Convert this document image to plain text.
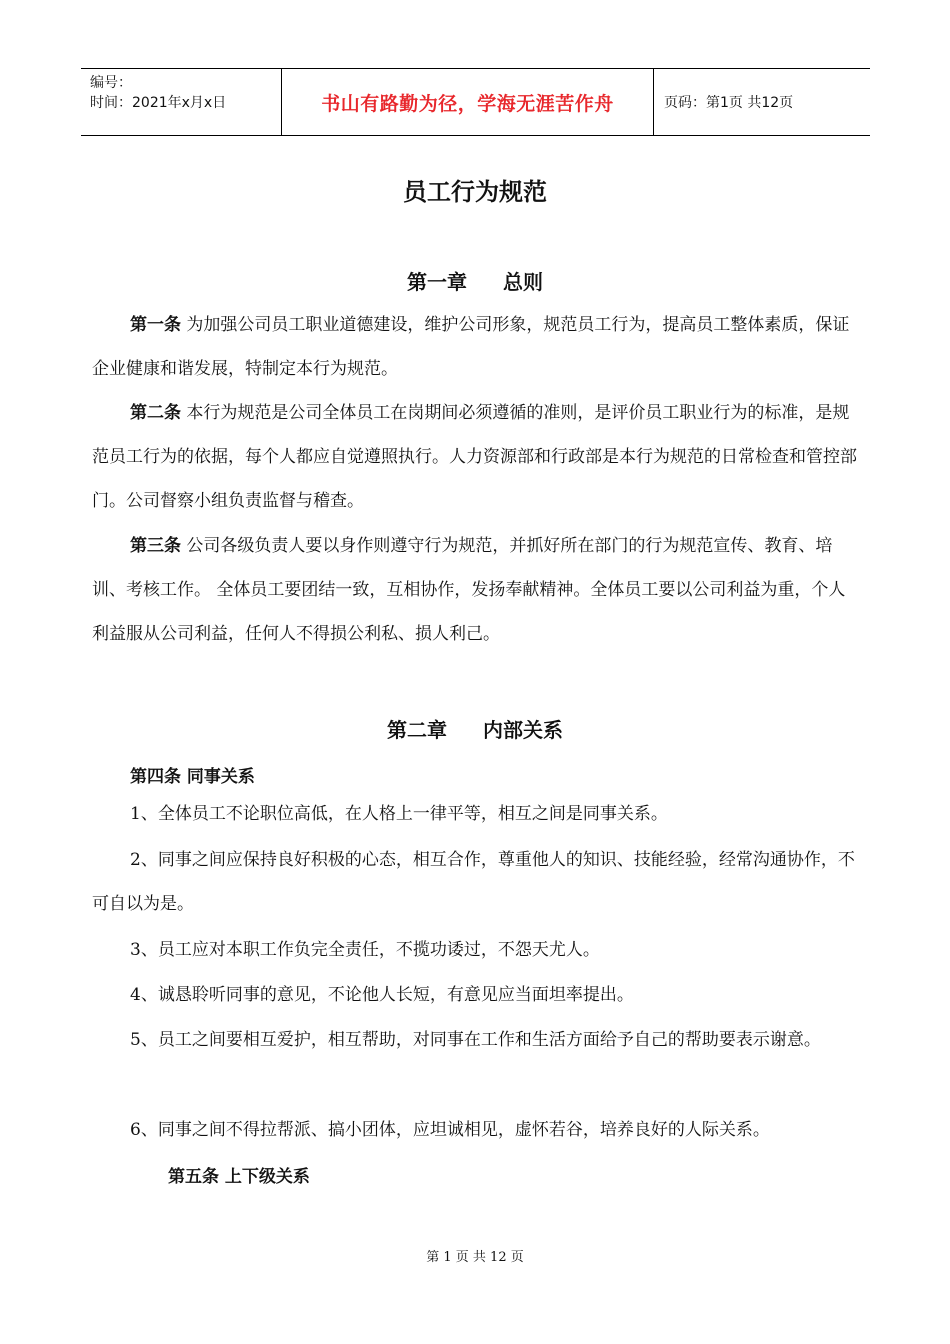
编号：
时间：2021年x月x日	书山有路勤为径，学海无涯苦作舟	页码：第1页 共12页
员工行为规范
第一章 总则

第一条 为加强公司员工职业道德建设，维护公司形象，规范员工行为，提高员工整体素质，保证企业健康和谐发展，特制定本行为规范。

第二条 本行为规范是公司全体员工在岗期间必须遵循的准则，是评价员工职业行为的标准，是规范员工行为的依据，每个人都应自觉遵照执行。人力资源部和行政部是本行为规范的日常检查和管控部门。公司督察小组负责监督与稽查。

第三条 公司各级负责人要以身作则遵守行为规范，并抓好所在部门的行为规范宣传、教育、培训、考核工作。 全体员工要团结一致，互相协作，发扬奉献精神。全体员工要以公司利益为重，个人利益服从公司利益，任何人不得损公利私、损人利己。

第二章 内部关系
第四条 同事关系

1、全体员工不论职位高低，在人格上一律平等，相互之间是同事关系。

2、同事之间应保持良好积极的心态，相互合作，尊重他人的知识、技能经验，经常沟通协作，不可自以为是。

3、员工应对本职工作负完全责任，不揽功诿过，不怨天尤人。

4、诚恳聆听同事的意见，不论他人长短，有意见应当面坦率提出。

5、员工之间要相互爱护，相互帮助，对同事在工作和生活方面给予自己的帮助要表示谢意。

6、同事之间不得拉帮派、搞小团体，应坦诚相见，虚怀若谷，培养良好的人际关系。

第五条 上下级关系
第 1 页 共 12 页
